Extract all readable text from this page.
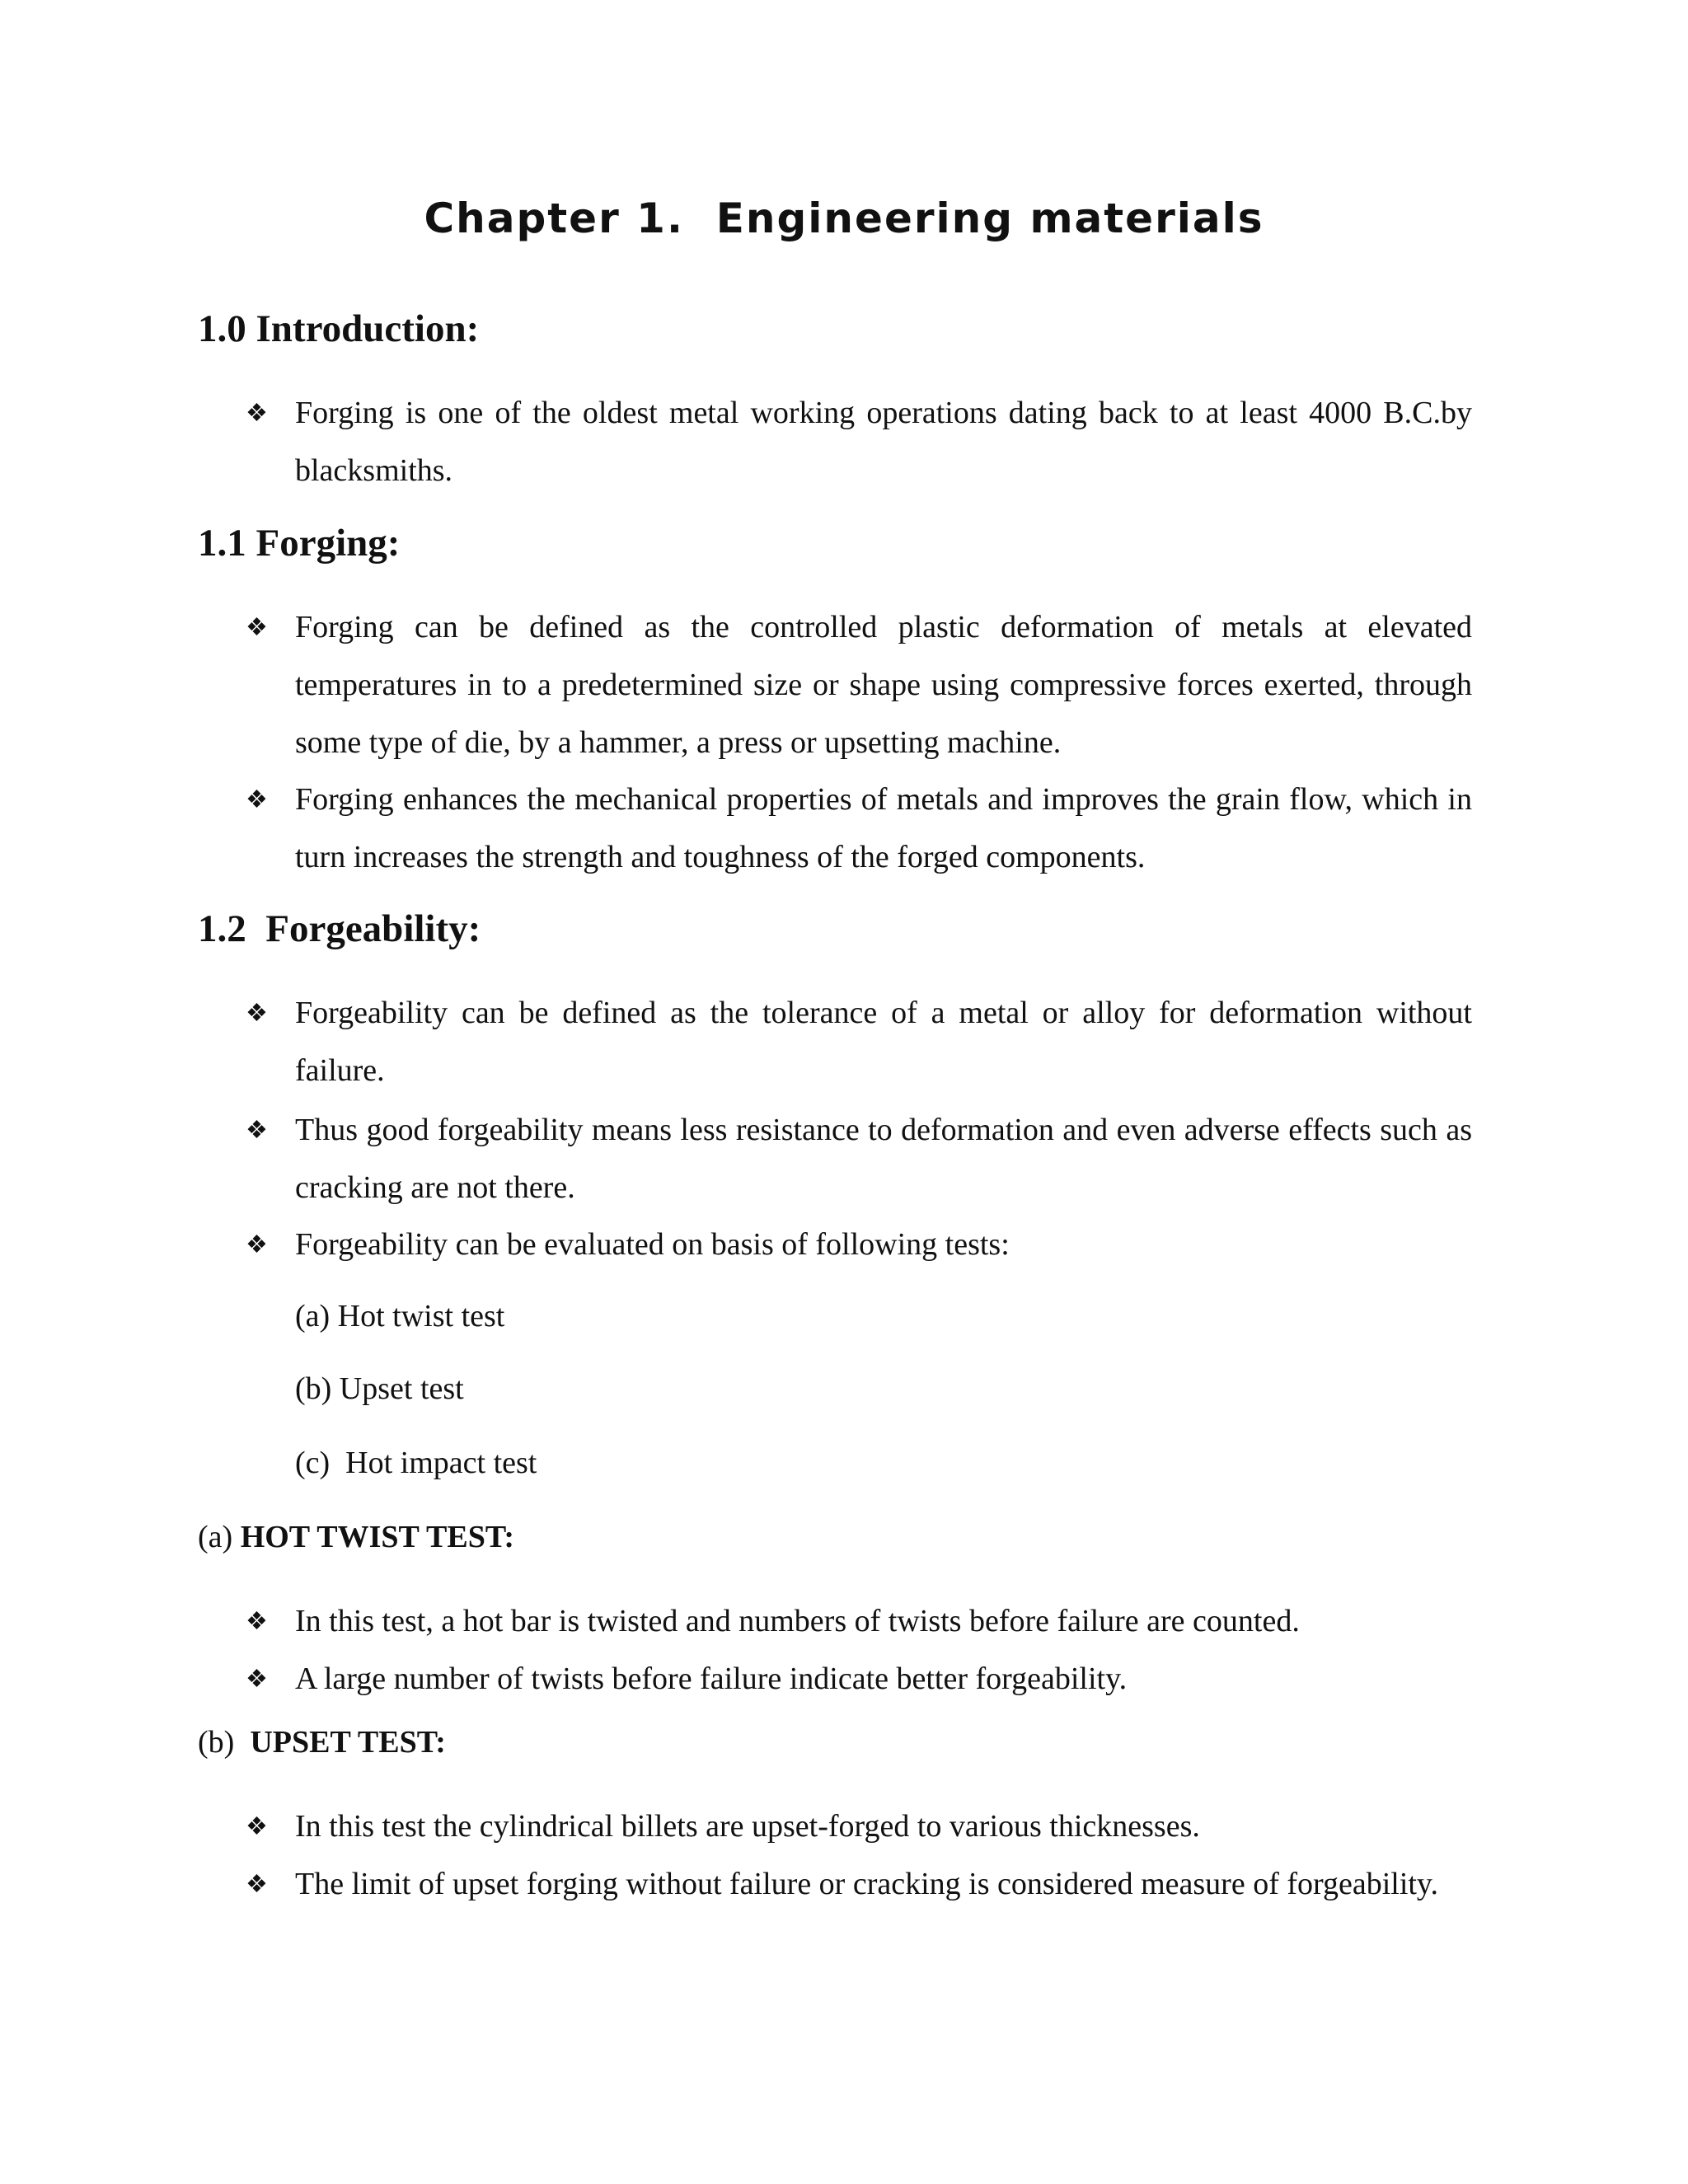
Chapter 1.  Engineering materials
1.0 Introduction:
❖ Forging is one of the oldest metal working operations dating back to at least 4000 B.C.by blacksmiths.
1.1 Forging:
❖ Forging can be defined as the controlled plastic deformation of metals at elevated temperatures in to a predetermined size or shape using compressive forces exerted, through some type of die, by a hammer, a press or upsetting machine.
❖ Forging enhances the mechanical properties of metals and improves the grain flow, which in turn increases the strength and toughness of the forged components.
1.2  Forgeability:
❖ Forgeability can be defined as the tolerance of a metal or alloy for deformation without failure.
❖ Thus good forgeability means less resistance to deformation and even adverse effects such as cracking are not there.
❖ Forgeability can be evaluated on basis of following tests:
(a) Hot twist test
(b) Upset test
(c)  Hot impact test
(a) HOT TWIST TEST:
❖ In this test, a hot bar is twisted and numbers of twists before failure are counted.
❖ A large number of twists before failure indicate better forgeability.
(b)  UPSET TEST:
❖ In this test the cylindrical billets are upset-forged to various thicknesses.
❖ The limit of upset forging without failure or cracking is considered measure of forgeability.
